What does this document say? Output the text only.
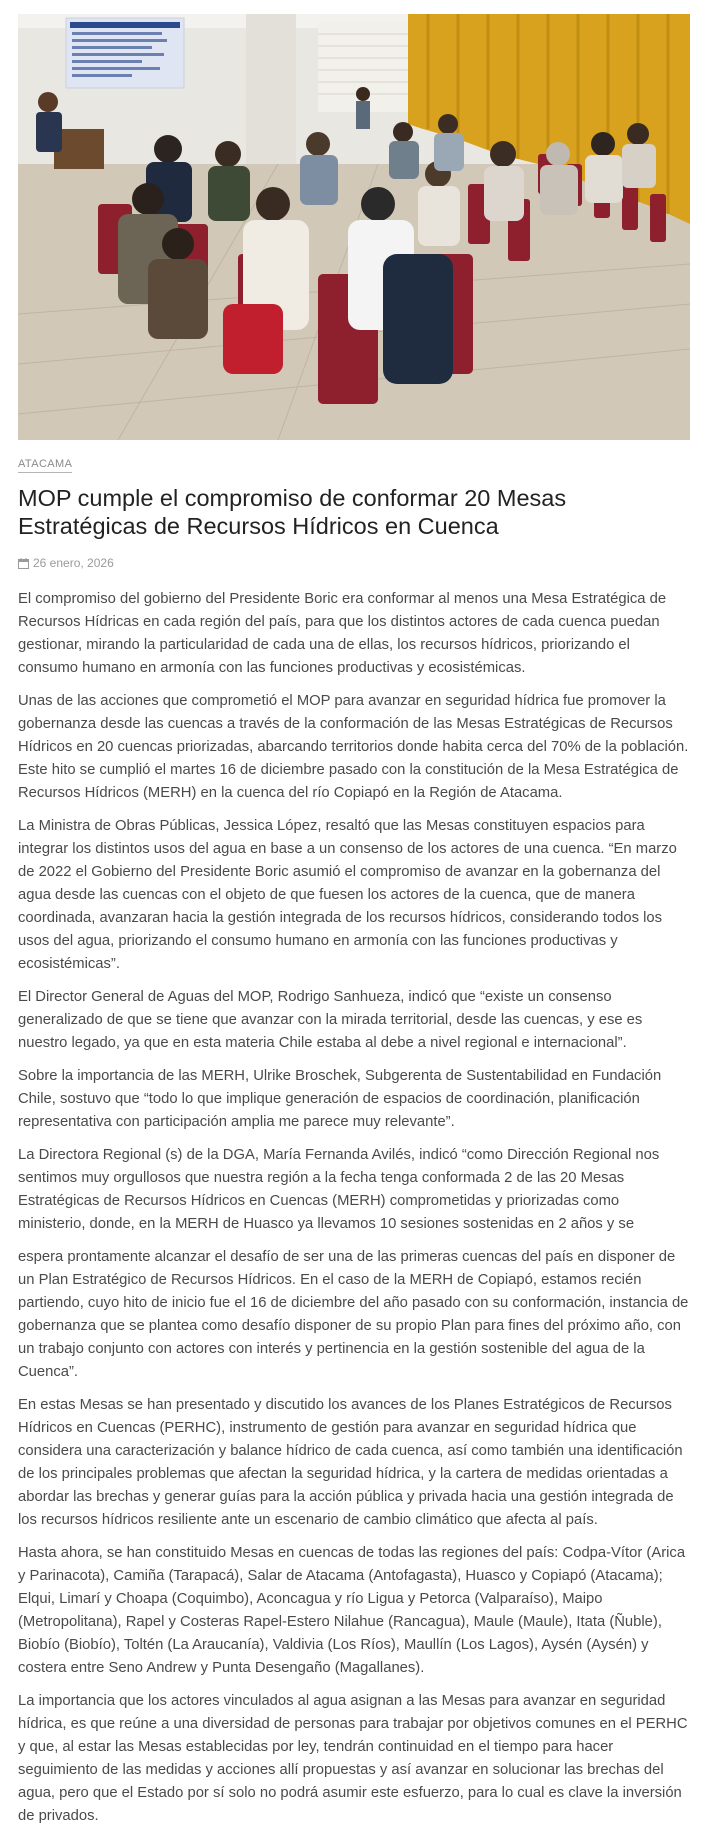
ATACAMA
MOP cumple el compromiso de conformar 20 Mesas Estratégicas de Recursos Hídricos en Cuenca
26 enero, 2026

El compromiso del gobierno del Presidente Boric era conformar al menos una Mesa Estratégica de Recursos Hídricas en cada región del país, para que los distintos actores de cada cuenca puedan gestionar, mirando la particularidad de cada una de ellas, los recursos hídricos, priorizando el consumo humano en armonía con las funciones productivas y ecosistémicas.

Unas de las acciones que comprometió el MOP para avanzar en seguridad hídrica fue promover la gobernanza desde las cuencas a través de la conformación de las Mesas Estratégicas de Recursos Hídricos en 20 cuencas priorizadas, abarcando territorios donde habita cerca del 70% de la población. Este hito se cumplió el martes 16 de diciembre pasado con la constitución de la Mesa Estratégica de Recursos Hídricos (MERH) en la cuenca del río Copiapó en la Región de Atacama.

La Ministra de Obras Públicas, Jessica López, resaltó que las Mesas constituyen espacios para integrar los distintos usos del agua en base a un consenso de los actores de una cuenca. “En marzo de 2022 el Gobierno del Presidente Boric asumió el compromiso de avanzar en la gobernanza del agua desde las cuencas con el objeto de que fuesen los actores de la cuenca, que de manera coordinada, avanzaran hacia la gestión integrada de los recursos hídricos, considerando todos los usos del agua, priorizando el consumo humano en armonía con las funciones productivas y ecosistémicas”.

El Director General de Aguas del MOP, Rodrigo Sanhueza, indicó que “existe un consenso generalizado de que se tiene que avanzar con la mirada territorial, desde las cuencas, y ese es nuestro legado, ya que en esta materia Chile estaba al debe a nivel regional e internacional”.

Sobre la importancia de las MERH, Ulrike Broschek, Subgerenta de Sustentabilidad en Fundación Chile, sostuvo que “todo lo que implique generación de espacios de coordinación, planificación representativa con participación amplia me parece muy relevante”.

La Directora Regional (s) de la DGA, María Fernanda Avilés, indicó “como Dirección Regional nos sentimos muy orgullosos que nuestra región a la fecha tenga conformada 2 de las 20 Mesas Estratégicas de Recursos Hídricos en Cuencas (MERH) comprometidas y priorizadas como ministerio, donde, en la MERH de Huasco ya llevamos 10 sesiones sostenidas en 2 años y se

espera prontamente alcanzar el desafío de ser una de las primeras cuencas del país en disponer de un Plan Estratégico de Recursos Hídricos. En el caso de la MERH de Copiapó, estamos recién partiendo, cuyo hito de inicio fue el 16 de diciembre del año pasado con su conformación, instancia de gobernanza que se plantea como desafío disponer de su propio Plan para fines del próximo año, con un trabajo conjunto con actores con interés y pertinencia en la gestión sostenible del agua de la Cuenca”.

En estas Mesas se han presentado y discutido los avances de los Planes Estratégicos de Recursos Hídricos en Cuencas (PERHC), instrumento de gestión para avanzar en seguridad hídrica que considera una caracterización y balance hídrico de cada cuenca, así como también una identificación de los principales problemas que afectan la seguridad hídrica, y la cartera de medidas orientadas a abordar las brechas y generar guías para la acción pública y privada hacia una gestión integrada de los recursos hídricos resiliente ante un escenario de cambio climático que afecta al país.

Hasta ahora, se han constituido Mesas en cuencas de todas las regiones del país: Codpa-Vítor (Arica y Parinacota), Camiña (Tarapacá), Salar de Atacama (Antofagasta), Huasco y Copiapó (Atacama); Elqui, Limarí y Choapa (Coquimbo), Aconcagua y río Ligua y Petorca (Valparaíso), Maipo (Metropolitana), Rapel y Costeras Rapel-Estero Nilahue (Rancagua), Maule (Maule), Itata (Ñuble), Biobío (Biobío), Toltén (La Araucanía), Valdivia (Los Ríos), Maullín (Los Lagos), Aysén (Aysén) y costera entre Seno Andrew y Punta Desengaño (Magallanes).

La importancia que los actores vinculados al agua asignan a las Mesas para avanzar en seguridad hídrica, es que reúne a una diversidad de personas para trabajar por objetivos comunes en el PERHC y que, al estar las Mesas establecidas por ley, tendrán continuidad en el tiempo para hacer seguimiento de las medidas y acciones allí propuestas y así avanzar en solucionar las brechas del agua, pero que el Estado por sí solo no podrá asumir este esfuerzo, para lo cual es clave la inversión de privados.
